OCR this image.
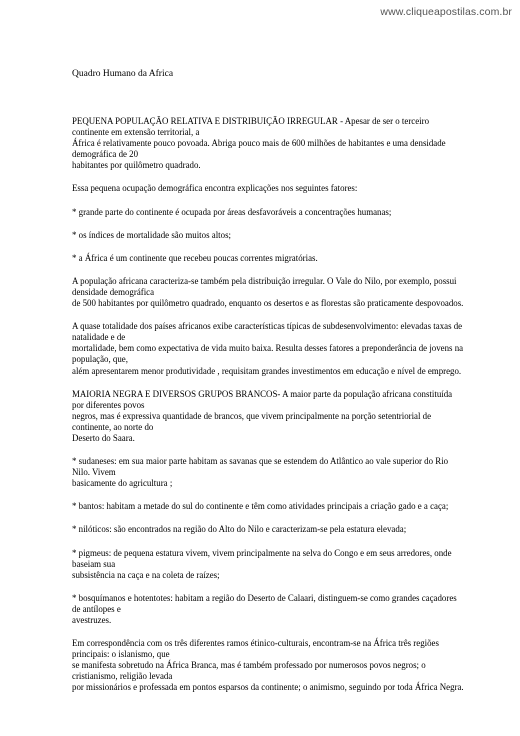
www.cliqueapostilas.com.br
Quadro Humano da Africa

PEQUENA POPULAÇÃO RELATIVA E DISTRIBUIÇÃO IRREGULAR - Apesar de ser o terceiro
continente em extensão territorial, a
África é relativamente pouco povoada. Abriga pouco mais de 600 milhões de habitantes e uma densidade
demográfica de 20
habitantes por quilômetro quadrado.

Essa pequena ocupação demográfica encontra explicações nos seguintes fatores:

* grande parte do continente é ocupada por áreas desfavoráveis a concentrações humanas;

* os índices de mortalidade são muitos altos;

* a África é um continente que recebeu poucas correntes migratórias.

A população africana caracteriza-se também pela distribuição irregular. O Vale do Nilo, por exemplo, possui
densidade demográfica
de 500 habitantes por quilômetro quadrado, enquanto os desertos e as florestas são praticamente despovoados.

A quase totalidade dos países africanos exibe características típicas de subdesenvolvimento: elevadas taxas de
natalidade e de
mortalidade, bem como expectativa de vida muito baixa. Resulta desses fatores a preponderância de jovens na
população, que,
além apresentarem menor produtividade , requisitam grandes investimentos em educação e nível de emprego.

MAIORIA NEGRA E DIVERSOS GRUPOS BRANCOS- A maior parte da população africana constituída
por diferentes povos
negros, mas é expressiva quantidade de brancos, que vivem principalmente na porção setentriorial de
continente, ao norte do
Deserto do Saara.

* sudaneses: em sua maior parte habitam as savanas que se estendem do Atlântico ao vale superior do Rio
Nilo. Vivem
basicamente do agricultura ;

* bantos: habitam a metade do sul do continente e têm como atividades principais a criação gado e a caça;

* nilóticos: são encontrados na região do Alto do Nilo e caracterizam-se pela estatura elevada;

* pigmeus: de pequena estatura vivem, vivem principalmente na selva do Congo e em seus arredores, onde
baseiam sua
subsistência na caça e na coleta de raízes;

* bosquímanos e hotentotes: habitam a região do Deserto de Calaari, distinguem-se como grandes caçadores
de antílopes e
avestruzes.

Em correspondência com os três diferentes ramos étinico-culturais, encontram-se na África três regiões
principais: o islanismo, que
se manifesta sobretudo na África Branca, mas é também professado por numerosos povos negros; o
cristianismo, religião levada
por missionários e professada em pontos esparsos da continente; o animismo, seguindo por toda África Negra.
